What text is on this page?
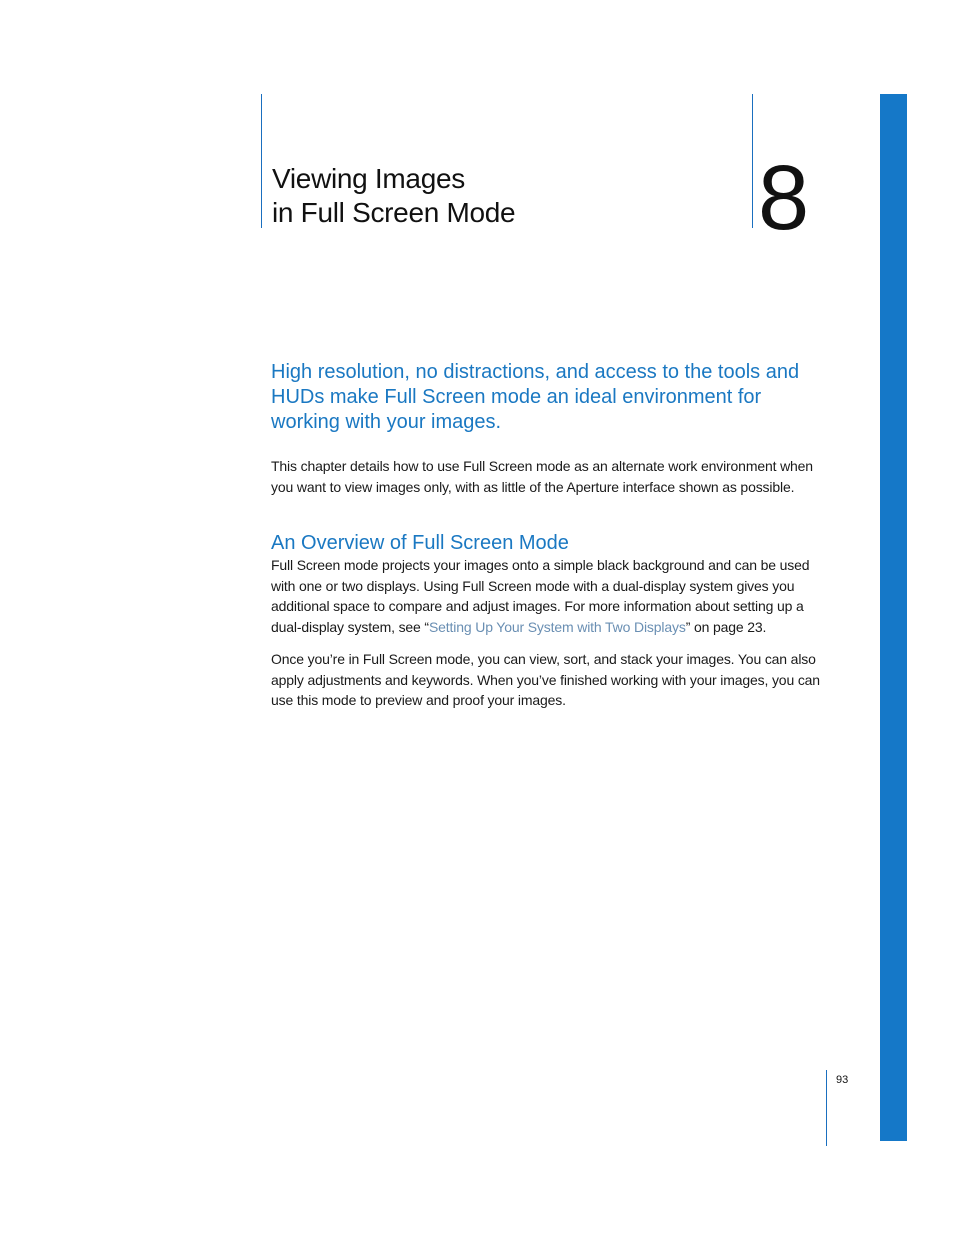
Viewing Images
in Full Screen Mode	8
High resolution, no distractions, and access to the tools and HUDs make Full Screen mode an ideal environment for working with your images.

This chapter details how to use Full Screen mode as an alternate work environment when you want to view images only, with as little of the Aperture interface shown as possible.

An Overview of Full Screen Mode

Full Screen mode projects your images onto a simple black background and can be used with one or two displays. Using Full Screen mode with a dual-display system gives you additional space to compare and adjust images. For more information about setting up a dual-display system, see “Setting Up Your System with Two Displays” on page 23.

Once you’re in Full Screen mode, you can view, sort, and stack your images. You can also apply adjustments and keywords. When you’ve finished working with your images, you can use this mode to preview and proof your images.

93
